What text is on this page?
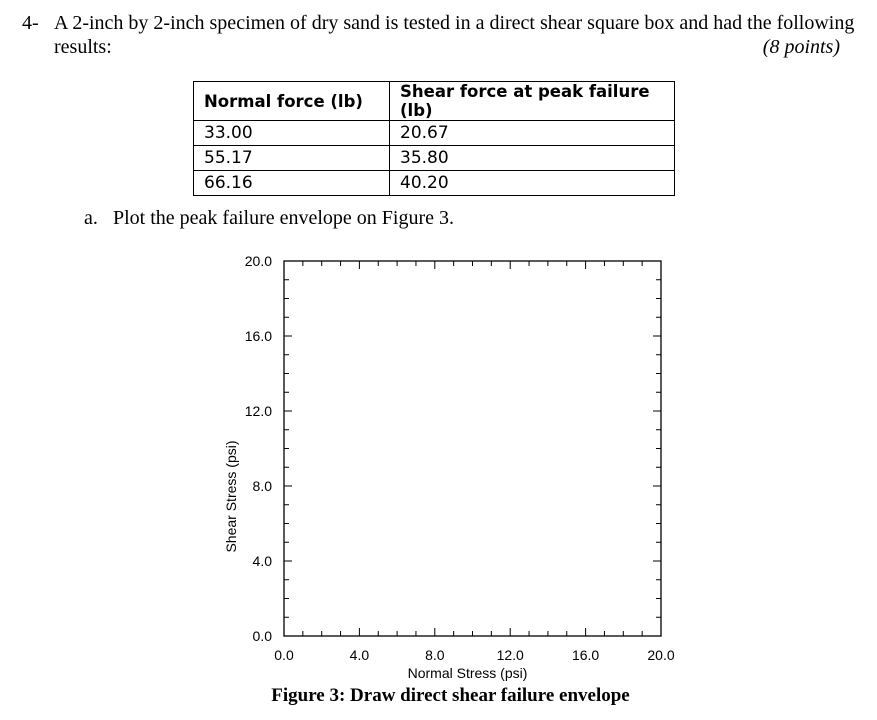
4- A 2-inch by 2-inch specimen of dry sand is tested in a direct shear square box and had the following
results:	(8 points)
Normal force (lb)	Shear force at peak failure (lb)
33.00	20.67
55.17	35.80
66.16	40.20
a. Plot the peak failure envelope on Figure 3.
0.0	4.0	8.0	12.0	16.0	20.0
0.0
4.0
8.0
12.0
16.0
20.0
Normal Stress (psi)
Shear Stress (psi)
Figure 3: Draw direct shear failure envelope
